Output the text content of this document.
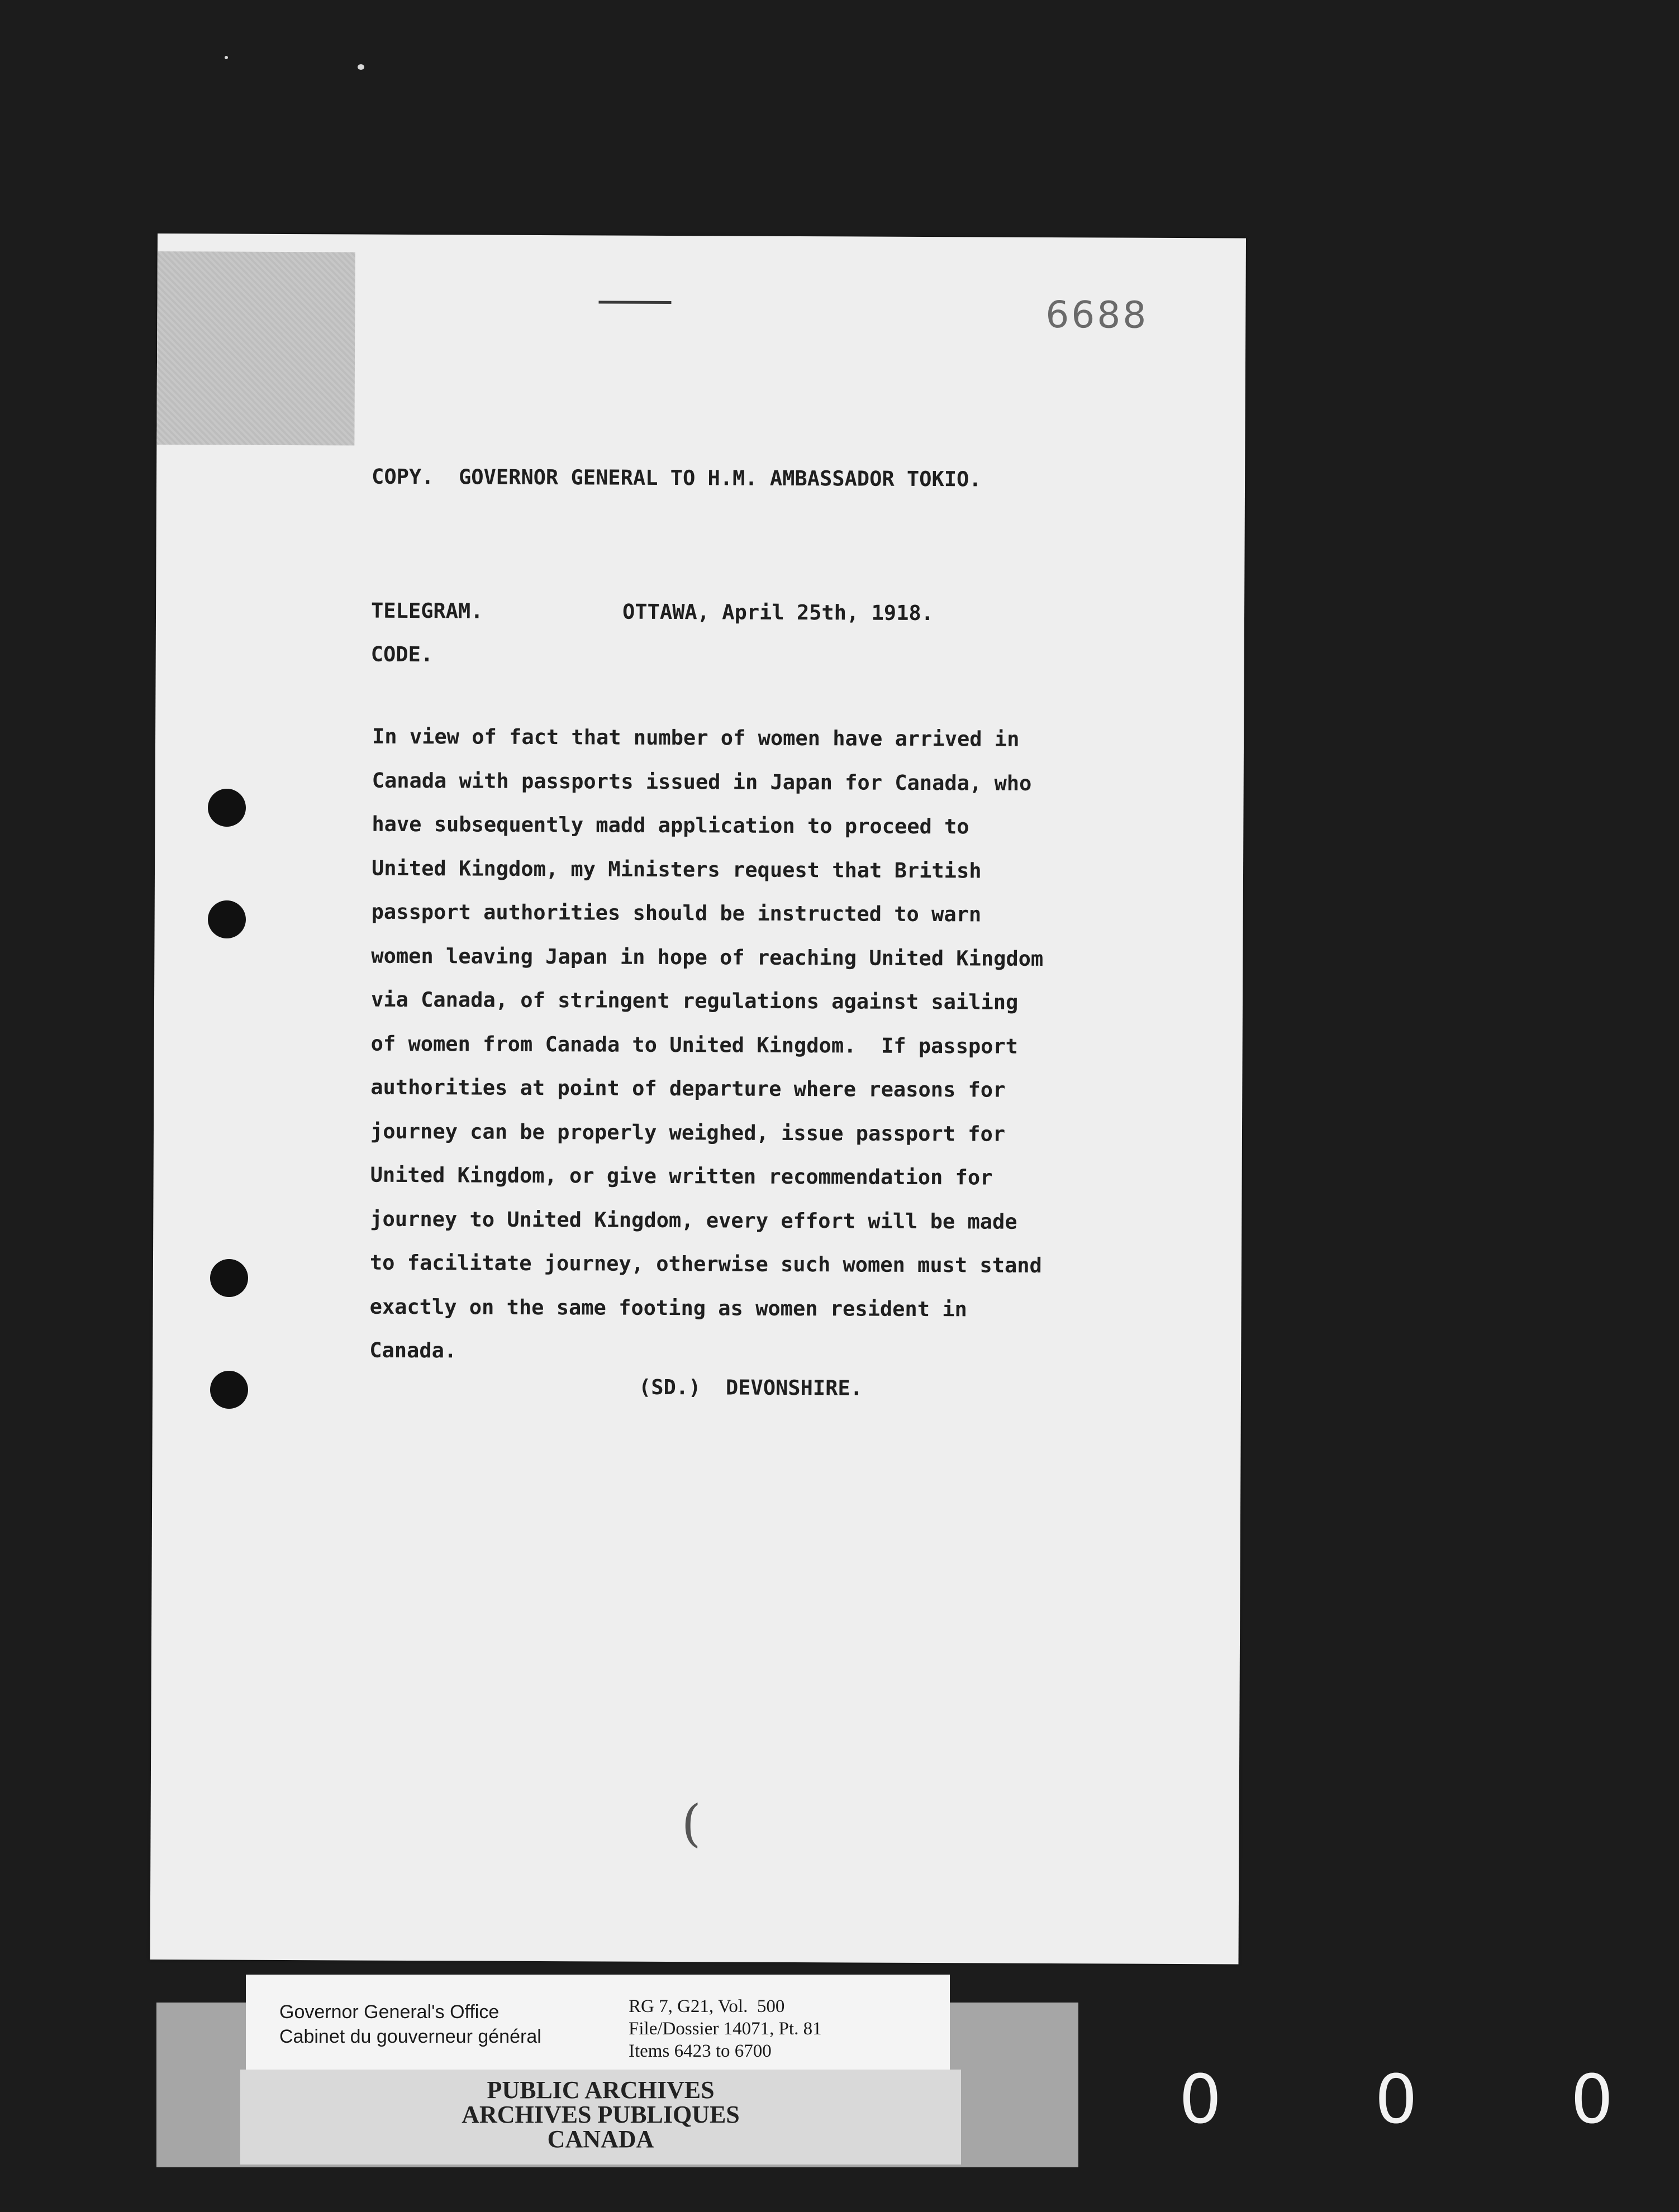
6688
COPY.  GOVERNOR GENERAL TO H.M. AMBASSADOR TOKIO.
TELEGRAM.	OTTAWA, April 25th, 1918.
CODE.
In view of fact that number of women have arrived in
Canada with passports issued in Japan for Canada, who
have subsequently madd application to proceed to
United Kingdom, my Ministers request that British
passport authorities should be instructed to warn
women leaving Japan in hope of reaching United Kingdom
via Canada, of stringent regulations against sailing
of women from Canada to United Kingdom.  If passport
authorities at point of departure where reasons for
journey can be properly weighed, issue passport for
United Kingdom, or give written recommendation for
journey to United Kingdom, every effort will be made
to facilitate journey, otherwise such women must stand
exactly on the same footing as women resident in
Canada.
(SD.)  DEVONSHIRE.
(
Governor General's Office
Cabinet du gouverneur général
RG 7, G21, Vol.  500
File/Dossier 14071, Pt. 81
Items 6423 to 6700
PUBLIC ARCHIVES
ARCHIVES PUBLIQUES
CANADA
0 0 0
